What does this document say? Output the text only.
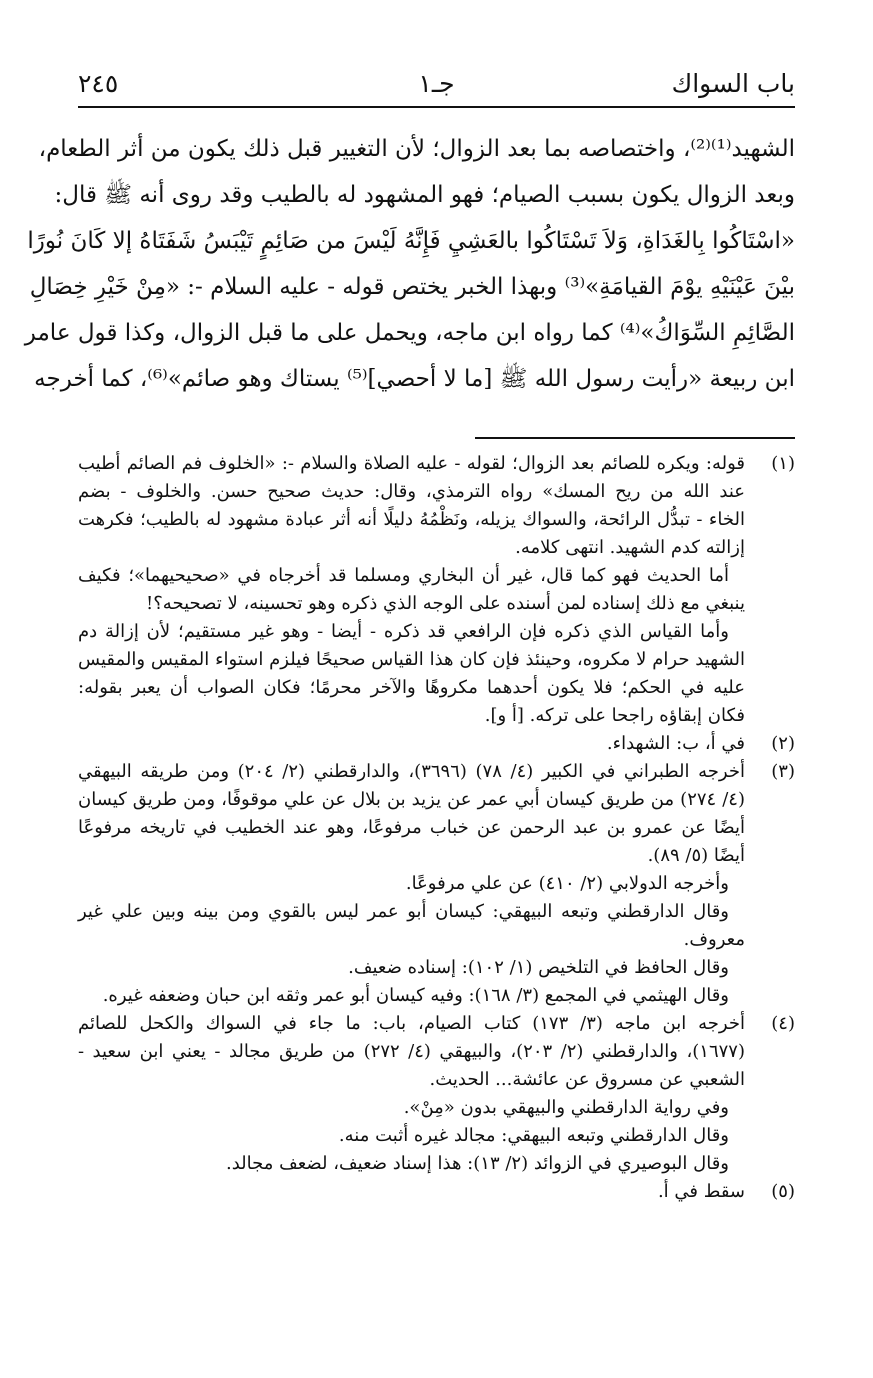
باب السواك
جـ١
٢٤٥

الشهيد⁽¹⁾⁽²⁾، واختصاصه بما بعد الزوال؛ لأن التغيير قبل ذلك يكون من أثر الطعام،

وبعد الزوال يكون بسبب الصيام؛ فهو المشهود له بالطيب وقد روى أنه ﷺ قال:

«اسْتَاكُوا بِالغَدَاةِ، وَلاَ تَسْتَاكُوا بالعَشِيِ فَإِنَّهُ لَيْسَ من صَائِمٍ تَيْبَسُ شَفَتَاهُ إلا كَانَ نُورًا

بيْنَ عَيْنَيْهِ يوْمَ القيامَةِ»⁽³⁾ وبهذا الخبر يختص قوله - عليه السلام -: «مِنْ خَيْرِ خِصَالِ

الصَّائِمِ السِّوَاكُ»⁽⁴⁾ كما رواه ابن ماجه، ويحمل على ما قبل الزوال، وكذا قول عامر

ابن ربيعة «رأيت رسول الله ﷺ [ما لا أحصي]⁽⁵⁾ يستاك وهو صائم»⁽⁶⁾، كما أخرجه

(١)

قوله: ويكره للصائم بعد الزوال؛ لقوله - عليه الصلاة والسلام -: «الخلوف فم الصائم أطيب

عند الله من ريح المسك» رواه الترمذي، وقال: حديث صحيح حسن. والخلوف - بضم

الخاء - تبدُّل الرائحة، والسواك يزيله، ونَظْمُهُ دليلًا أنه أثر عبادة مشهود له بالطيب؛ فكرهت

إزالته كدم الشهيد. انتهى كلامه.

أما الحديث فهو كما قال، غير أن البخاري ومسلما قد أخرجاه في «صحيحيهما»؛ فكيف

ينبغي مع ذلك إسناده لمن أسنده على الوجه الذي ذكره وهو تحسينه، لا تصحيحه؟!

وأما القياس الذي ذكره فإن الرافعي قد ذكره - أيضا - وهو غير مستقيم؛ لأن إزالة دم

الشهيد حرام لا مكروه، وحينئذ فإن كان هذا القياس صحيحًا فيلزم استواء المقيس والمقيس

عليه في الحكم؛ فلا يكون أحدهما مكروهًا والآخر محرمًا؛ فكان الصواب أن يعبر بقوله:

فكان إبقاؤه راجحا على تركه. [أ و].

(٢)

في أ، ب: الشهداء.

(٣)

أخرجه الطبراني في الكبير (٤/ ٧٨) (٣٦٩٦)، والدارقطني (٢/ ٢٠٤) ومن طريقه البيهقي

(٤/ ٢٧٤) من طريق كيسان أبي عمر عن يزيد بن بلال عن علي موقوفًا، ومن طريق كيسان

أيضًا عن عمرو بن عبد الرحمن عن خباب مرفوعًا، وهو عند الخطيب في تاريخه مرفوعًا

أيضًا (٥/ ٨٩).

وأخرجه الدولابي (٢/ ٤١٠) عن علي مرفوعًا.

وقال الدارقطني وتبعه البيهقي: كيسان أبو عمر ليس بالقوي ومن بينه وبين علي غير

معروف.

وقال الحافظ في التلخيص (١/ ١٠٢): إسناده ضعيف.

وقال الهيثمي في المجمع (٣/ ١٦٨): وفيه كيسان أبو عمر وثقه ابن حبان وضعفه غيره.

(٤)

أخرجه ابن ماجه (٣/ ١٧٣) كتاب الصيام، باب: ما جاء في السواك والكحل للصائم

(١٦٧٧)، والدارقطني (٢/ ٢٠٣)، والبيهقي (٤/ ٢٧٢) من طريق مجالد - يعني ابن سعيد -

الشعبي عن مسروق عن عائشة... الحديث.

وفي رواية الدارقطني والبيهقي بدون «مِنْ».

وقال الدارقطني وتبعه البيهقي: مجالد غيره أثبت منه.

وقال البوصيري في الزوائد (٢/ ١٣): هذا إسناد ضعيف، لضعف مجالد.

(٥)

سقط في أ.
